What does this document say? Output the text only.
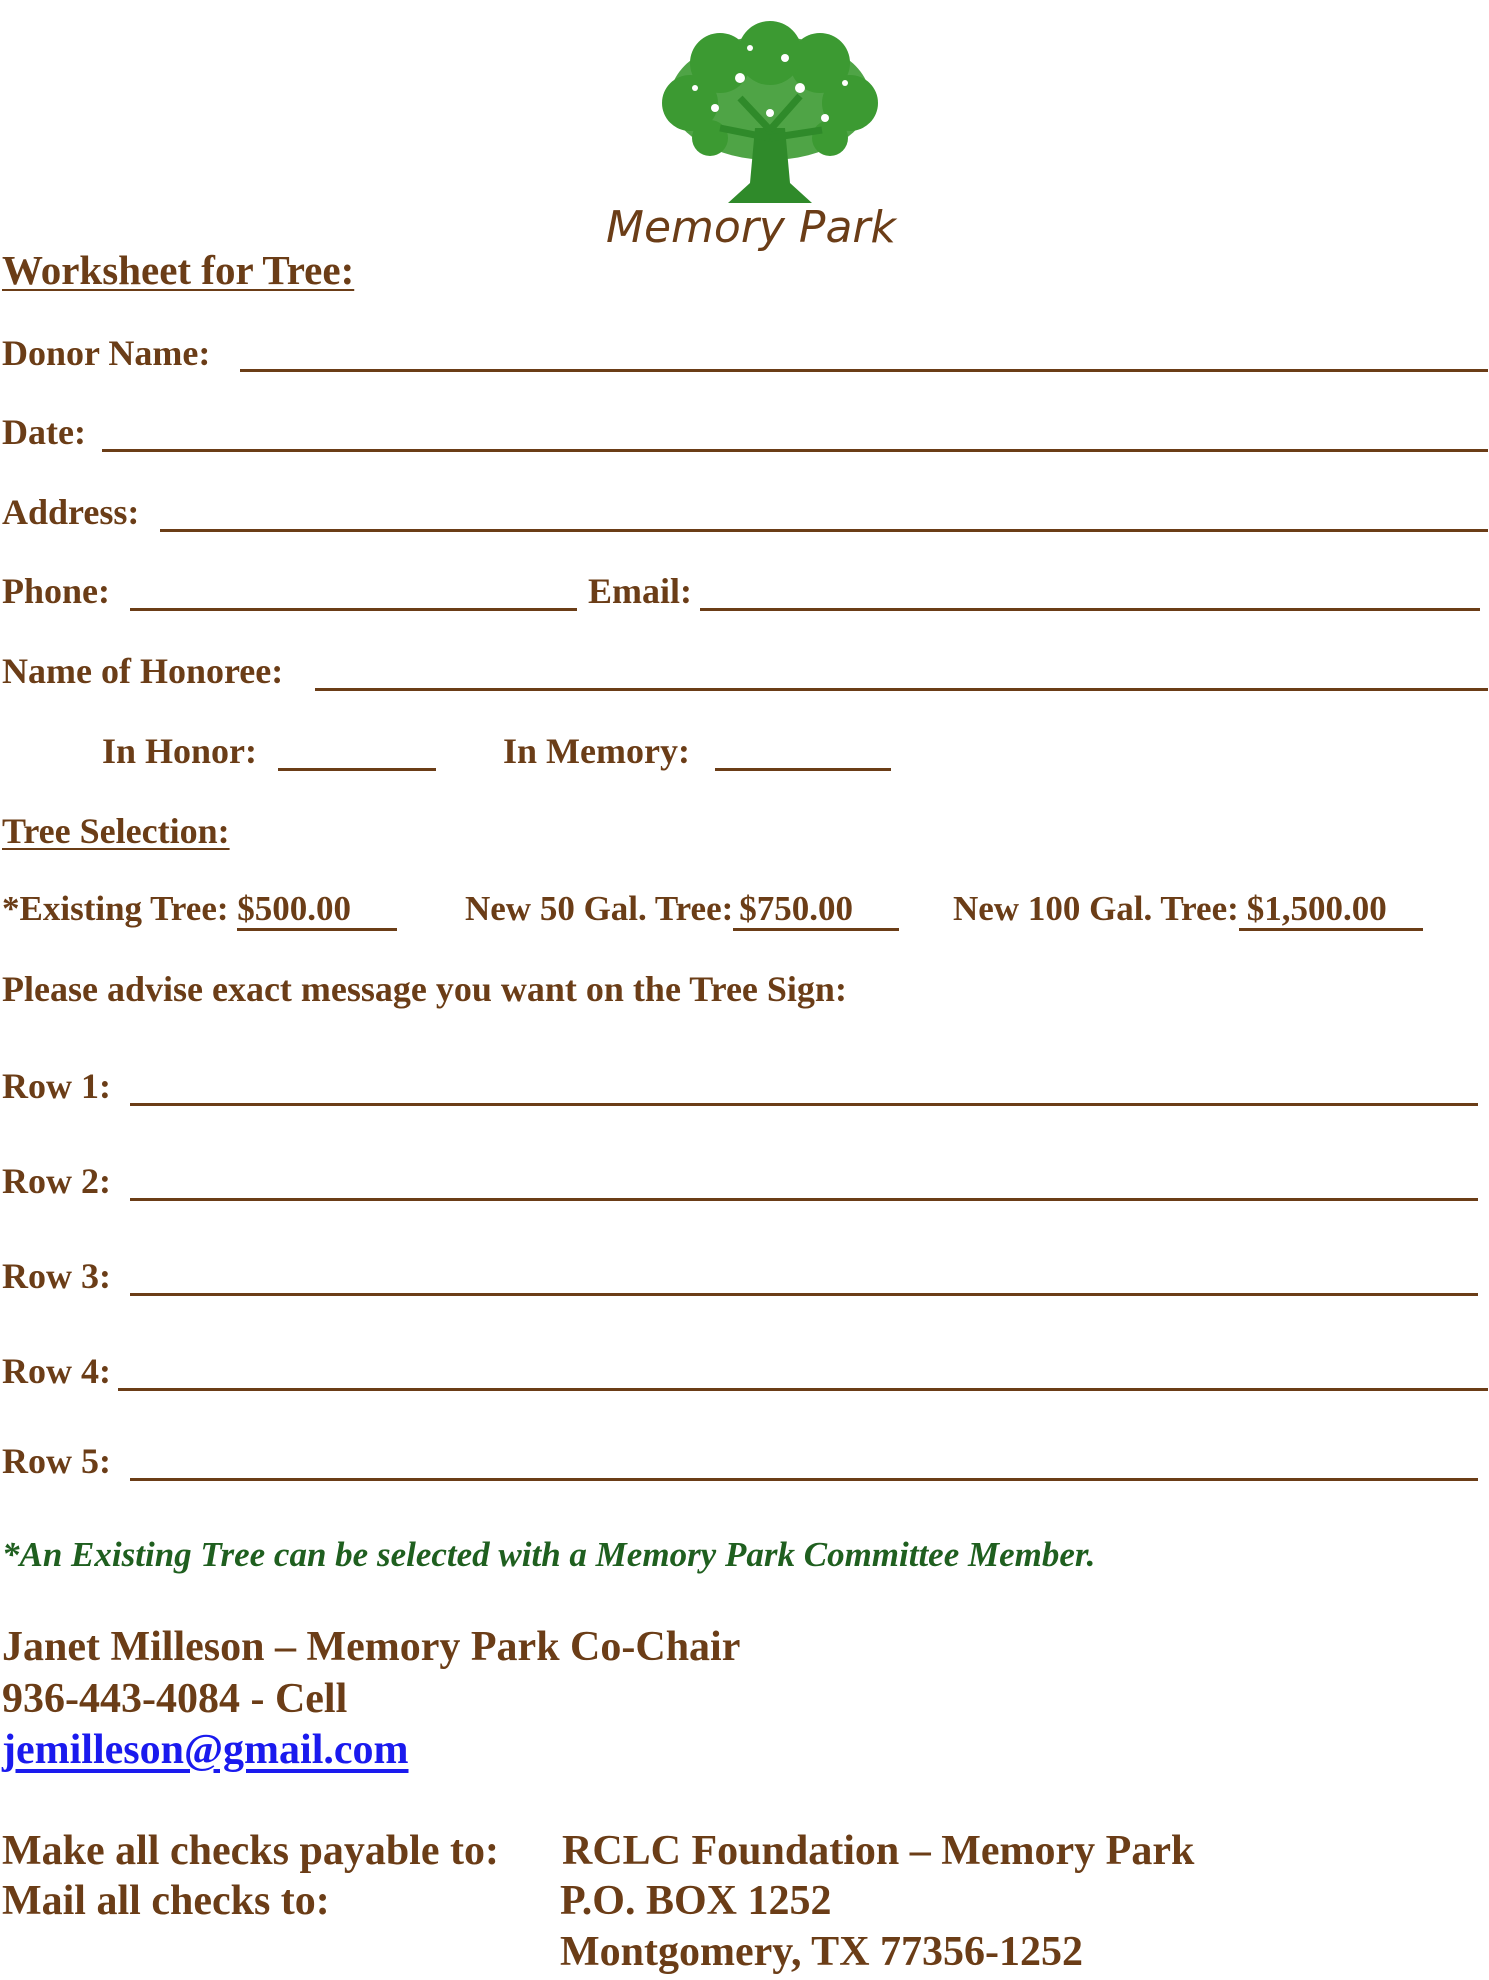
Memory Park
Worksheet for Tree:
Donor Name:
Date:
Address:
Phone:	Email:
Name of Honoree:
In Honor:	In Memory:
Tree Selection:
*Existing Tree: $500.00	New 50 Gal. Tree: $750.00	New 100 Gal. Tree: $1,500.00
Please advise exact message you want on the Tree Sign:
Row 1:
Row 2:
Row 3:
Row 4:
Row 5:
*An Existing Tree can be selected with a Memory Park Committee Member.
Janet Milleson – Memory Park Co-Chair
936-443-4084 - Cell
jemilleson@gmail.com
Make all checks payable to: RCLC Foundation – Memory Park
Mail all checks to:	P.O. BOX 1252
Montgomery, TX 77356-1252
